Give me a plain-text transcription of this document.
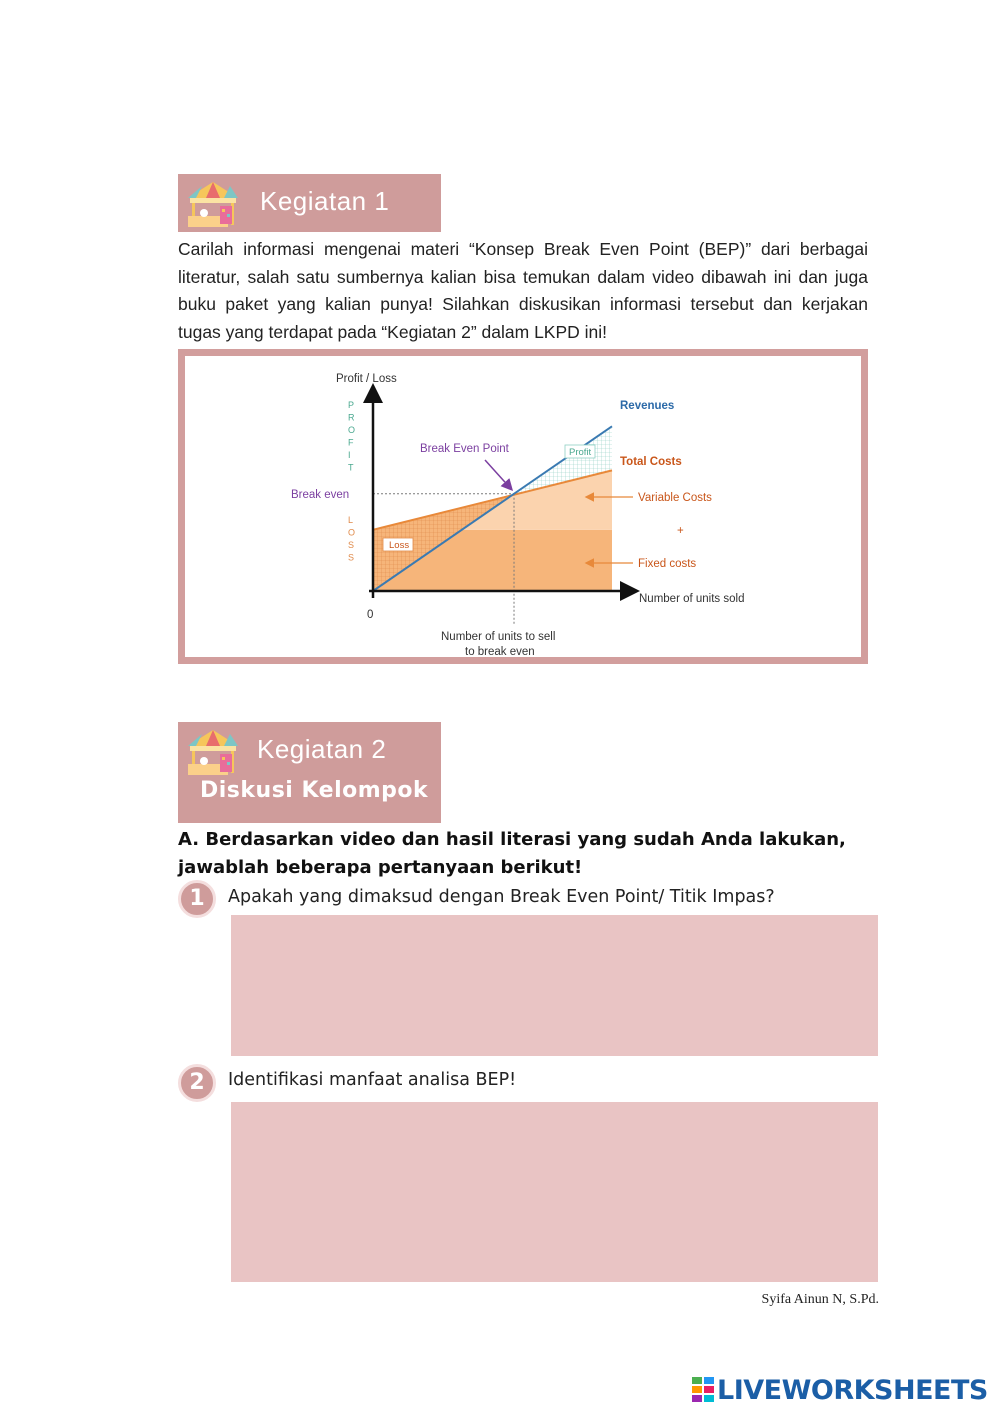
Kegiatan 1
Carilah informasi mengenai materi “Konsep Break Even Point (BEP)” dari berbagai literatur, salah satu sumbernya kalian bisa temukan dalam video dibawah ini dan juga buku paket yang kalian punya! Silahkan diskusikan informasi tersebut dan kerjakan tugas yang terdapat pada “Kegiatan 2” dalam LKPD ini!
Profit / Loss
Number of units sold
0
P
R
O
F
I
T
L
O
S
S
Break even
Number of units to sell
to break even
Break Even Point
Revenues
Total Costs
Variable Costs
+
Fixed costs
Profit
Loss
Kegiatan 2
Diskusi Kelompok
A. Berdasarkan video dan hasil literasi yang sudah Anda lakukan, jawablah beberapa pertanyaan berikut!
1	Apakah yang dimaksud dengan Break Even Point/ Titik Impas?
2	Identifikasi manfaat analisa BEP!
Syifa Ainun N, S.Pd.
LIVEWORKSHEETS
